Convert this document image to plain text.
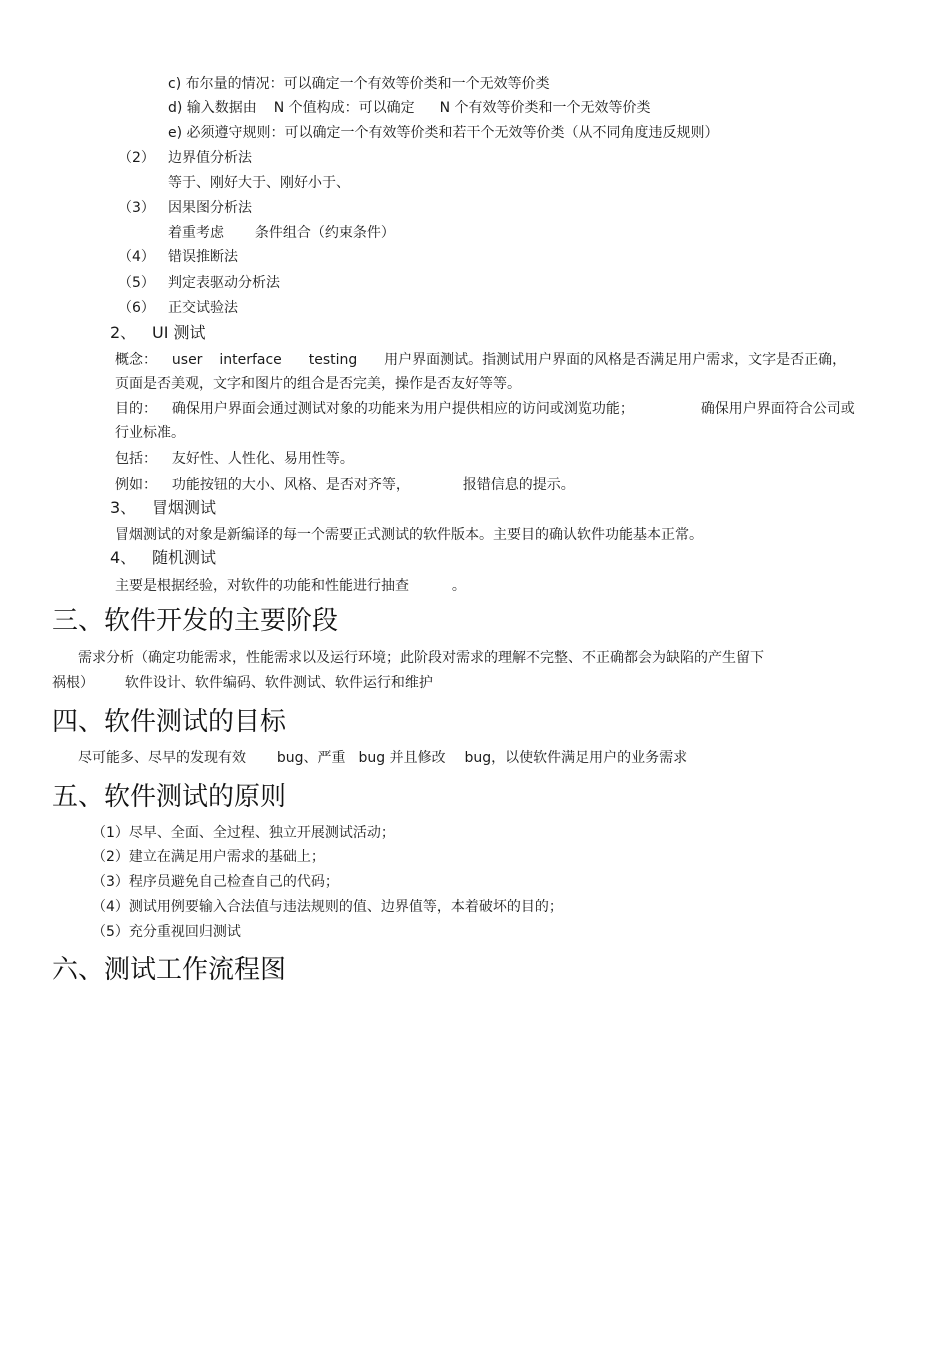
c) 布尔量的情况：可以确定一个有效等价类和一个无效等价类
d) 输入数据由 N 个值构成：可以确定 N 个有效等价类和一个无效等价类
e) 必须遵守规则：可以确定一个有效等价类和若干个无效等价类（从不同角度违反规则）
（2） 边界值分析法
等于、刚好大于、刚好小于、
（3） 因果图分析法
着重考虑 条件组合（约束条件）
（4） 错误推断法
（5） 判定表驱动分析法
（6） 正交试验法
2、 UI 测试
概念： user interface testing 用户界面测试。指测试用户界面的风格是否满足用户需求，文字是否正确，
页面是否美观，文字和图片的组合是否完美，操作是否友好等等。
目的： 确保用户界面会通过测试对象的功能来为用户提供相应的访问或浏览功能；	确保用户界面符合公司或
行业标准。
包括： 友好性、人性化、易用性等。
例如： 功能按钮的大小、风格、是否对齐等，	报错信息的提示。
3、 冒烟测试
冒烟测试的对象是新编译的每一个需要正式测试的软件版本。主要目的确认软件功能基本正常。
4、 随机测试
主要是根据经验，对软件的功能和性能进行抽查	。
三、软件开发的主要阶段
需求分析（确定功能需求，性能需求以及运行环境；此阶段对需求的理解不完整、不正确都会为缺陷的产生留下
祸根） 软件设计、软件编码、软件测试、软件运行和维护
四、软件测试的目标
尽可能多、尽早的发现有效 bug、严重 bug 并且修改 bug，以使软件满足用户的业务需求
五、软件测试的原则
（1）尽早、全面、全过程、独立开展测试活动；
（2）建立在满足用户需求的基础上；
（3）程序员避免自己检查自己的代码；
（4）测试用例要输入合法值与违法规则的值、边界值等，本着破坏的目的；
（5）充分重视回归测试
六、测试工作流程图
